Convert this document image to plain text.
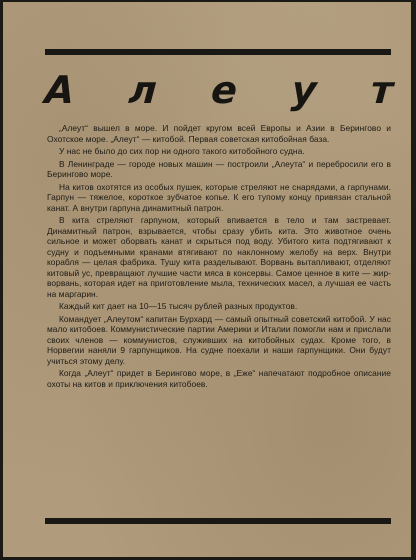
А л е у т

„Алеут“ вышел в море. И пойдет кругом всей Европы и Азии в Берингово и Охотское море. „Алеут“ — китобой. Первая советская китобойная база.

У нас не было до сих пор ни одного такого китобойного судна.

В Ленинграде — городе новых машин — построили „Алеута“ и перебросили его в Берингово море.

На китов охотятся из особых пушек, которые стреляют не снарядами, а гарпунами. Гарпун — тяжелое, короткое зубчатое копье. К его тупому концу привязан стальной канат. А внутри гарпуна динамитный патрон.

В кита стреляют гарпуном, который впивается в тело и там застревает. Динамитный патрон, взрывается, чтобы сразу убить кита. Это животное очень сильное и может оборвать канат и скрыться под воду. Убитого кита подтягивают к судну и подъемными кранами втягивают по наклонному желобу на верх. Внутри корабля — целая фабрика. Тушу кита разделывают. Ворвань вытапливают, отделяют китовый ус, превращают лучшие части мяса в консервы. Самое ценное в ките — жир-ворвань, которая идет на приготовление мыла, технических масел, а лучшая ее часть на маргарин.

Каждый кит дает на 10—15 тысяч рублей разных продуктов.

Командует „Алеутом“ капитан Бурхард — самый опытный советский китобой. У нас мало китобоев. Коммунистические партии Америки и Италии помогли нам и прислали своих членов — коммунистов, служивших на китобойных судах. Кроме того, в Норвегии наняли 9 гарпунщиков. На судне поехали и наши гарпунщики. Они будут учиться этому делу.

Когда „Алеут“ придет в Берингово море, в „Еже“ напечатают подробное описание охоты на китов и приключения китобоев.
